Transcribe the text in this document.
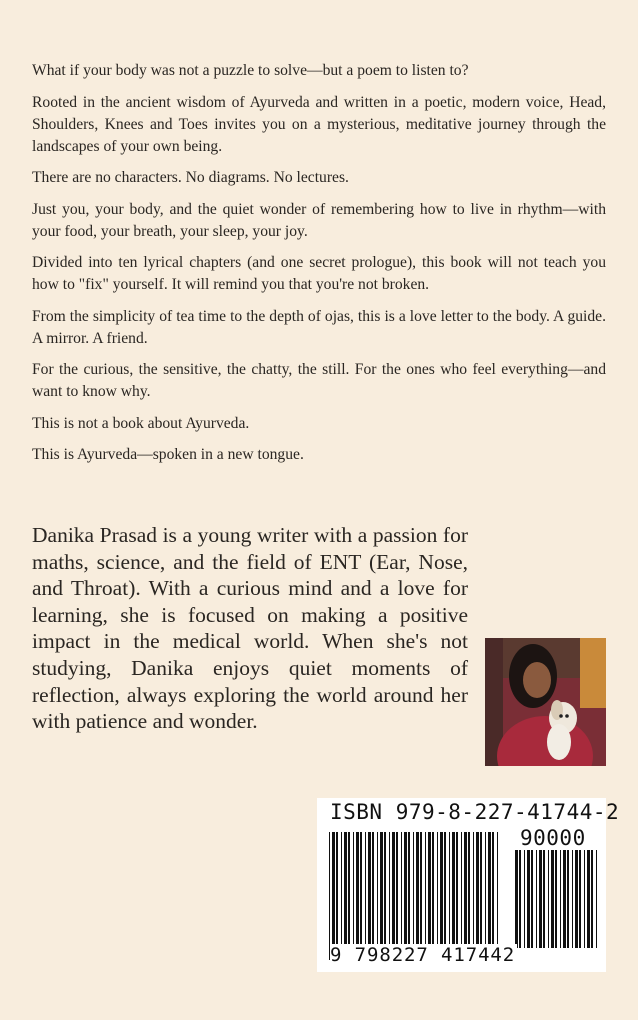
What if your body was not a puzzle to solve—but a poem to listen to?

Rooted in the ancient wisdom of Ayurveda and written in a poetic, modern voice, Head, Shoulders, Knees and Toes invites you on a mysterious, meditative journey through the landscapes of your own being.

There are no characters. No diagrams. No lectures.

Just you, your body, and the quiet wonder of remembering how to live in rhythm—with your food, your breath, your sleep, your joy.

Divided into ten lyrical chapters (and one secret prologue), this book will not teach you how to "fix" yourself. It will remind you that you're not broken.

From the simplicity of tea time to the depth of ojas, this is a love letter to the body. A guide. A mirror. A friend.

For the curious, the sensitive, the chatty, the still. For the ones who feel everything—and want to know why.

This is not a book about Ayurveda.

This is Ayurveda—spoken in a new tongue.

Danika Prasad is a young writer with a passion for maths, science, and the field of ENT (Ear, Nose, and Throat). With a curious mind and a love for learning, she is focused on making a positive impact in the medical world. When she's not studying, Danika enjoys quiet moments of reflection, always exploring the world around her with patience and wonder.
ISBN 979-8-227-41744-2
90000
9 798227 417442
